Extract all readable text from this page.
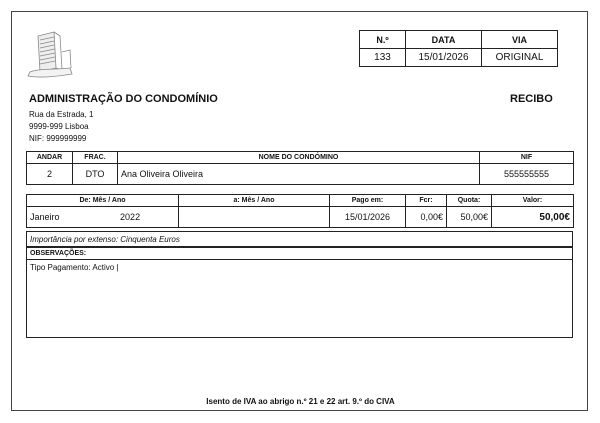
N.º	DATA	VIA
133	15/01/2026	ORIGINAL
ADMINISTRAÇÃO DO CONDOMÍNIO	RECIBO
Rua da Estrada, 1
9999-999 Lisboa
NIF: 999999999
ANDAR	FRAC.	NOME DO CONDÓMINO	NIF
2	DTO	Ana Oliveira Oliveira	555555555
De: Mês / Ano	a: Mês / Ano	Pago em:	Fcr:	Quota:	Valor:
Janeiro 2022		15/01/2026	0,00€	50,00€	50,00€
Importância por extenso: Cinquenta Euros
OBSERVAÇÕES:
Tipo Pagamento: Activo |
Isento de IVA ao abrigo n.º 21 e 22 art. 9.º do CIVA
